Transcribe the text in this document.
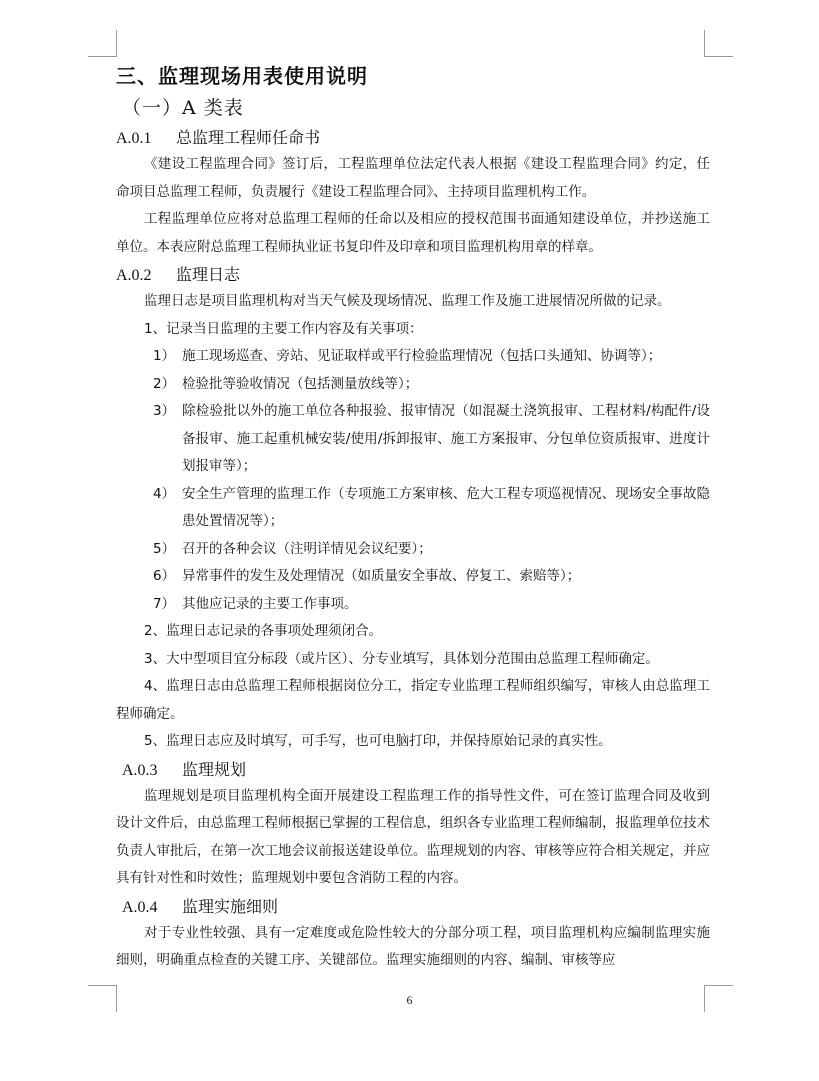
三、监理现场用表使用说明
（一）A 类表
A.0.1 总监理工程师任命书

《建设工程监理合同》签订后，工程监理单位法定代表人根据《建设工程监理合同》约定，任命项目总监理工程师，负责履行《建设工程监理合同》、主持项目监理机构工作。

工程监理单位应将对总监理工程师的任命以及相应的授权范围书面通知建设单位，并抄送施工单位。本表应附总监理工程师执业证书复印件及印章和项目监理机构用章的样章。

A.0.2 监理日志

监理日志是项目监理机构对当天气候及现场情况、监理工作及施工进展情况所做的记录。

1、记录当日监理的主要工作内容及有关事项：

1） 施工现场巡查、旁站、见证取样或平行检验监理情况（包括口头通知、协调等）；

2） 检验批等验收情况（包括测量放线等）；

3） 除检验批以外的施工单位各种报验、报审情况（如混凝土浇筑报审、工程材料/构配件/设备报审、施工起重机械安装/使用/拆卸报审、施工方案报审、分包单位资质报审、进度计划报审等）；

4） 安全生产管理的监理工作（专项施工方案审核、危大工程专项巡视情况、现场安全事故隐患处置情况等）；

5） 召开的各种会议（注明详情见会议纪要）；

6） 异常事件的发生及处理情况（如质量安全事故、停复工、索赔等）；

7） 其他应记录的主要工作事项。

2、监理日志记录的各事项处理须闭合。

3、大中型项目宜分标段（或片区）、分专业填写，具体划分范围由总监理工程师确定。

4、监理日志由总监理工程师根据岗位分工，指定专业监理工程师组织编写，审核人由总监理工程师确定。

5、监理日志应及时填写，可手写，也可电脑打印，并保持原始记录的真实性。

A.0.3 监理规划

监理规划是项目监理机构全面开展建设工程监理工作的指导性文件，可在签订监理合同及收到设计文件后，由总监理工程师根据已掌握的工程信息，组织各专业监理工程师编制，报监理单位技术负责人审批后，在第一次工地会议前报送建设单位。监理规划的内容、审核等应符合相关规定，并应具有针对性和时效性；监理规划中要包含消防工程的内容。

A.0.4 监理实施细则

对于专业性较强、具有一定难度或危险性较大的分部分项工程，项目监理机构应编制监理实施细则，明确重点检查的关键工序、关键部位。监理实施细则的内容、编制、审核等应

6
